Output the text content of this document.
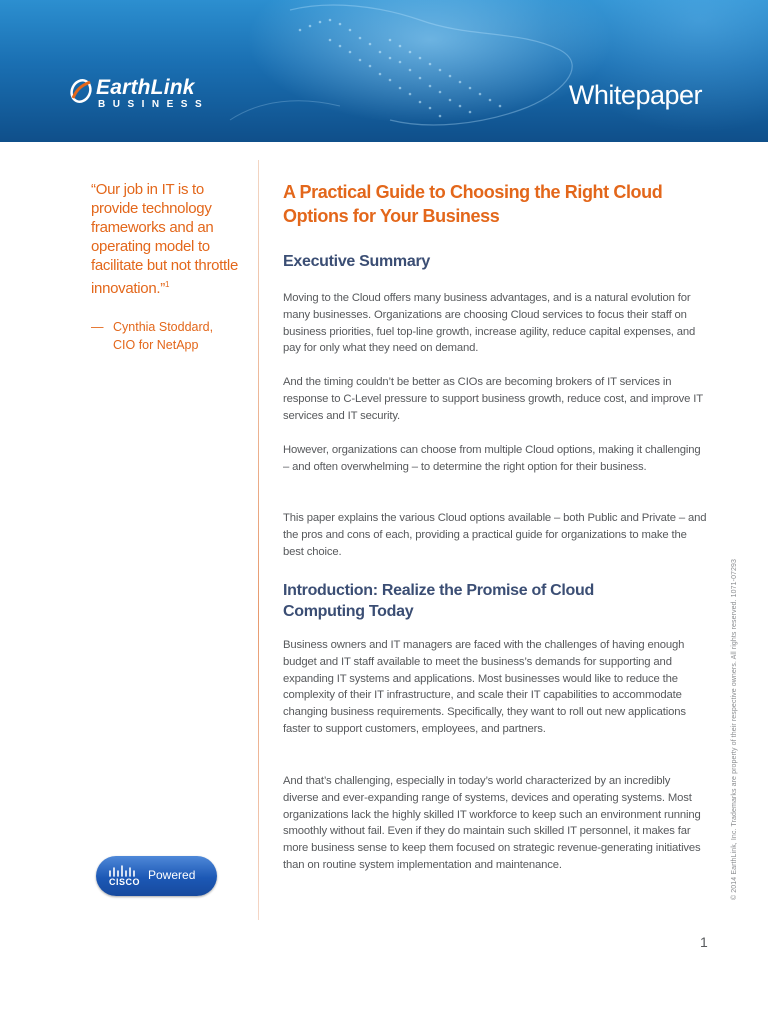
EarthLink
BUSINESS	Whitepaper
“Our job in IT is to provide technology frameworks and an operating model to facilitate but not throttle innovation.”$^1$
— Cynthia Stoddard,
CIO for NetApp
A Practical Guide to Choosing the Right Cloud Options for Your Business
Executive Summary
Moving to the Cloud offers many business advantages, and is a natural evolution for many businesses. Organizations are choosing Cloud services to focus their staff on business priorities, fuel top-line growth, increase agility, reduce capital expenses, and pay for only what they need on demand.
And the timing couldn’t be better as CIOs are becoming brokers of IT services in response to C-Level pressure to support business growth, reduce cost, and improve IT services and IT security.
However, organizations can choose from multiple Cloud options, making it challenging – and often overwhelming – to determine the right option for their business.
This paper explains the various Cloud options available – both Public and Private – and the pros and cons of each, providing a practical guide for organizations to make the best choice.
Introduction: Realize the Promise of Cloud Computing Today
Business owners and IT managers are faced with the challenges of having enough budget and IT staff available to meet the business’s demands for supporting and expanding IT systems and applications. Most businesses would like to reduce the complexity of their IT infrastructure, and scale their IT capabilities to accommodate changing business requirements. Specifically, they want to roll out new applications faster to support customers, employees, and partners.
And that’s challenging, especially in today’s world characterized by an incredibly diverse and ever-expanding range of systems, devices and operating systems. Most organizations lack the highly skilled IT workforce to keep such an environment running smoothly without fail. Even if they do maintain such skilled IT personnel, it makes far more business sense to keep them focused on strategic revenue-generating initiatives than on routine system implementation and maintenance.
CISCO Powered	© 2014 EarthLink, Inc. Trademarks are property of their respective owners. All rights reserved. 1071-07293
1
